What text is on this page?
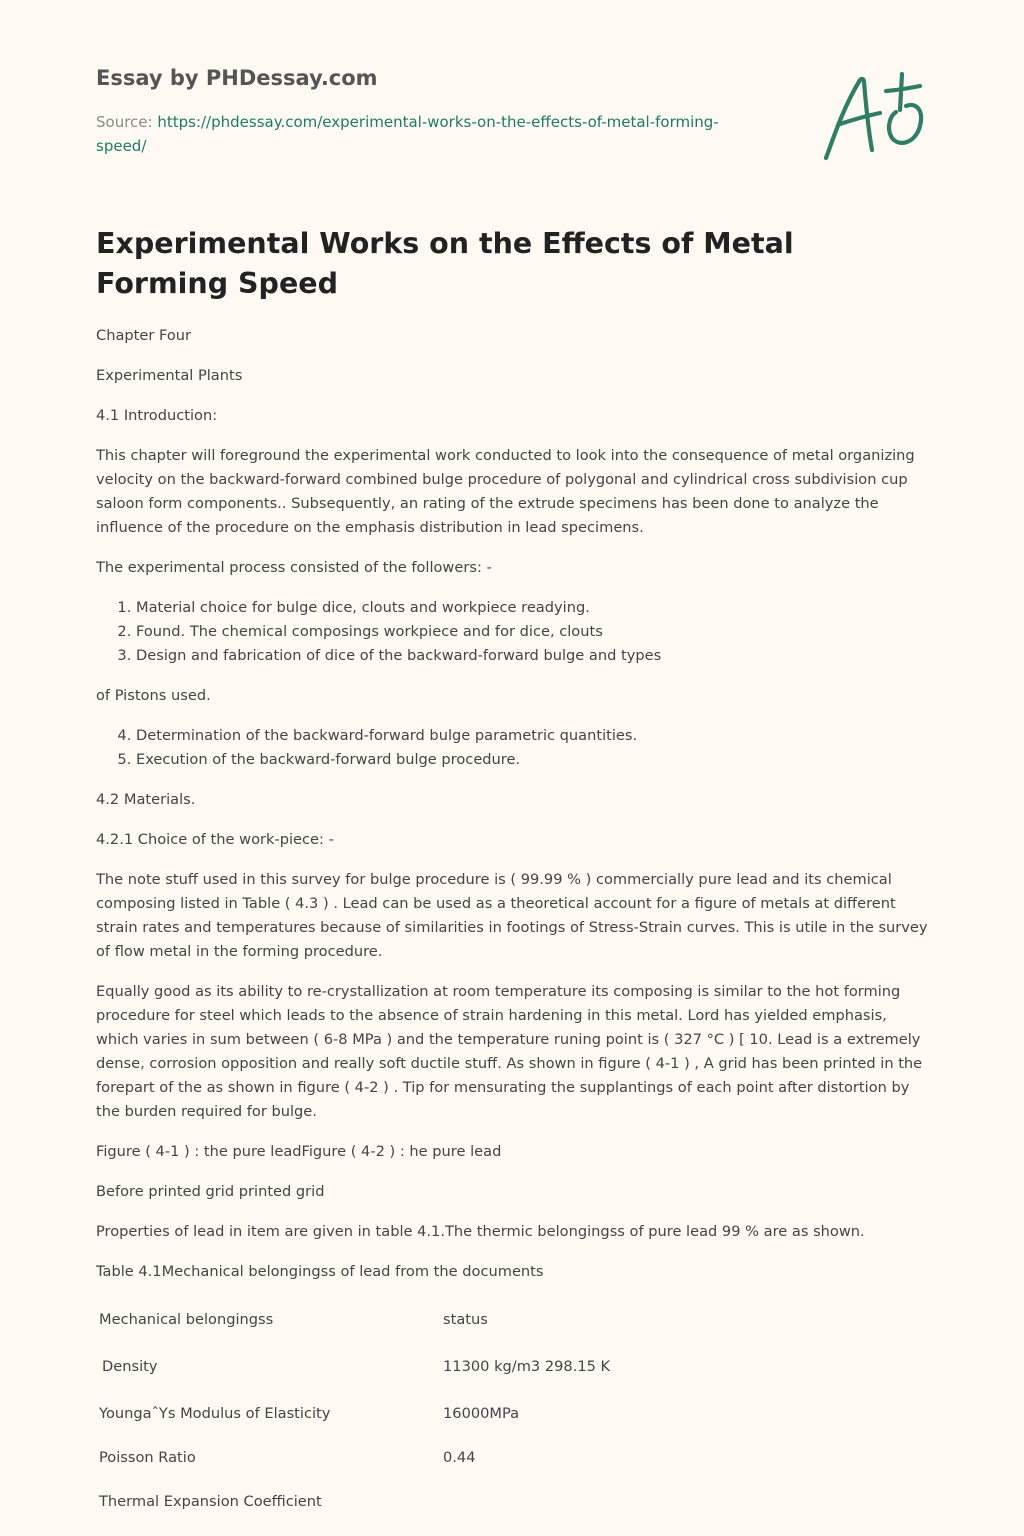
Essay by PHDessay.com
Source: https://phdessay.com/experimental-works-on-the-effects-of-metal-forming-speed/
Experimental Works on the Effects of Metal Forming Speed

Chapter Four

Experimental Plants

4.1 Introduction:

This chapter will foreground the experimental work conducted to look into the consequence of metal organizing velocity on the backward-forward combined bulge procedure of polygonal and cylindrical cross subdivision cup saloon form components.. Subsequently, an rating of the extrude specimens has been done to analyze the influence of the procedure on the emphasis distribution in lead specimens.

The experimental process consisted of the followers: -

1. Material choice for bulge dice, clouts and workpiece readying.
2. Found. The chemical composings workpiece and for dice, clouts
3. Design and fabrication of dice of the backward-forward bulge and types

of Pistons used.

4. Determination of the backward-forward bulge parametric quantities.
5. Execution of the backward-forward bulge procedure.

4.2 Materials.

4.2.1 Choice of the work-piece: -

The note stuff used in this survey for bulge procedure is ( 99.99 % ) commercially pure lead and its chemical composing listed in Table ( 4.3 ) . Lead can be used as a theoretical account for a figure of metals at different strain rates and temperatures because of similarities in footings of Stress-Strain curves. This is utile in the survey of flow metal in the forming procedure.

Equally good as its ability to re-crystallization at room temperature its composing is similar to the hot forming procedure for steel which leads to the absence of strain hardening in this metal. Lord has yielded emphasis, which varies in sum between ( 6-8 MPa ) and the temperature runing point is ( 327 °C ) [ 10. Lead is a extremely dense, corrosion opposition and really soft ductile stuff. As shown in figure ( 4-1 ) , A grid has been printed in the forepart of the as shown in figure ( 4-2 ) . Tip for mensurating the supplantings of each point after distortion by the burden required for bulge.

Figure ( 4-1 ) : the pure leadFigure ( 4-2 ) : he pure lead

Before printed grid printed grid

Properties of lead in item are given in table 4.1.The thermic belongingss of pure lead 99 % are as shown.

Table 4.1Mechanical belongingss of lead from the documents

Mechanical belongingss	status
Density	11300 kg/m3 298.15 K
YoungaˆYs Modulus of Elasticity	16000MPa
Poisson Ratio	0.44
Thermal Expansion Coefficient	
